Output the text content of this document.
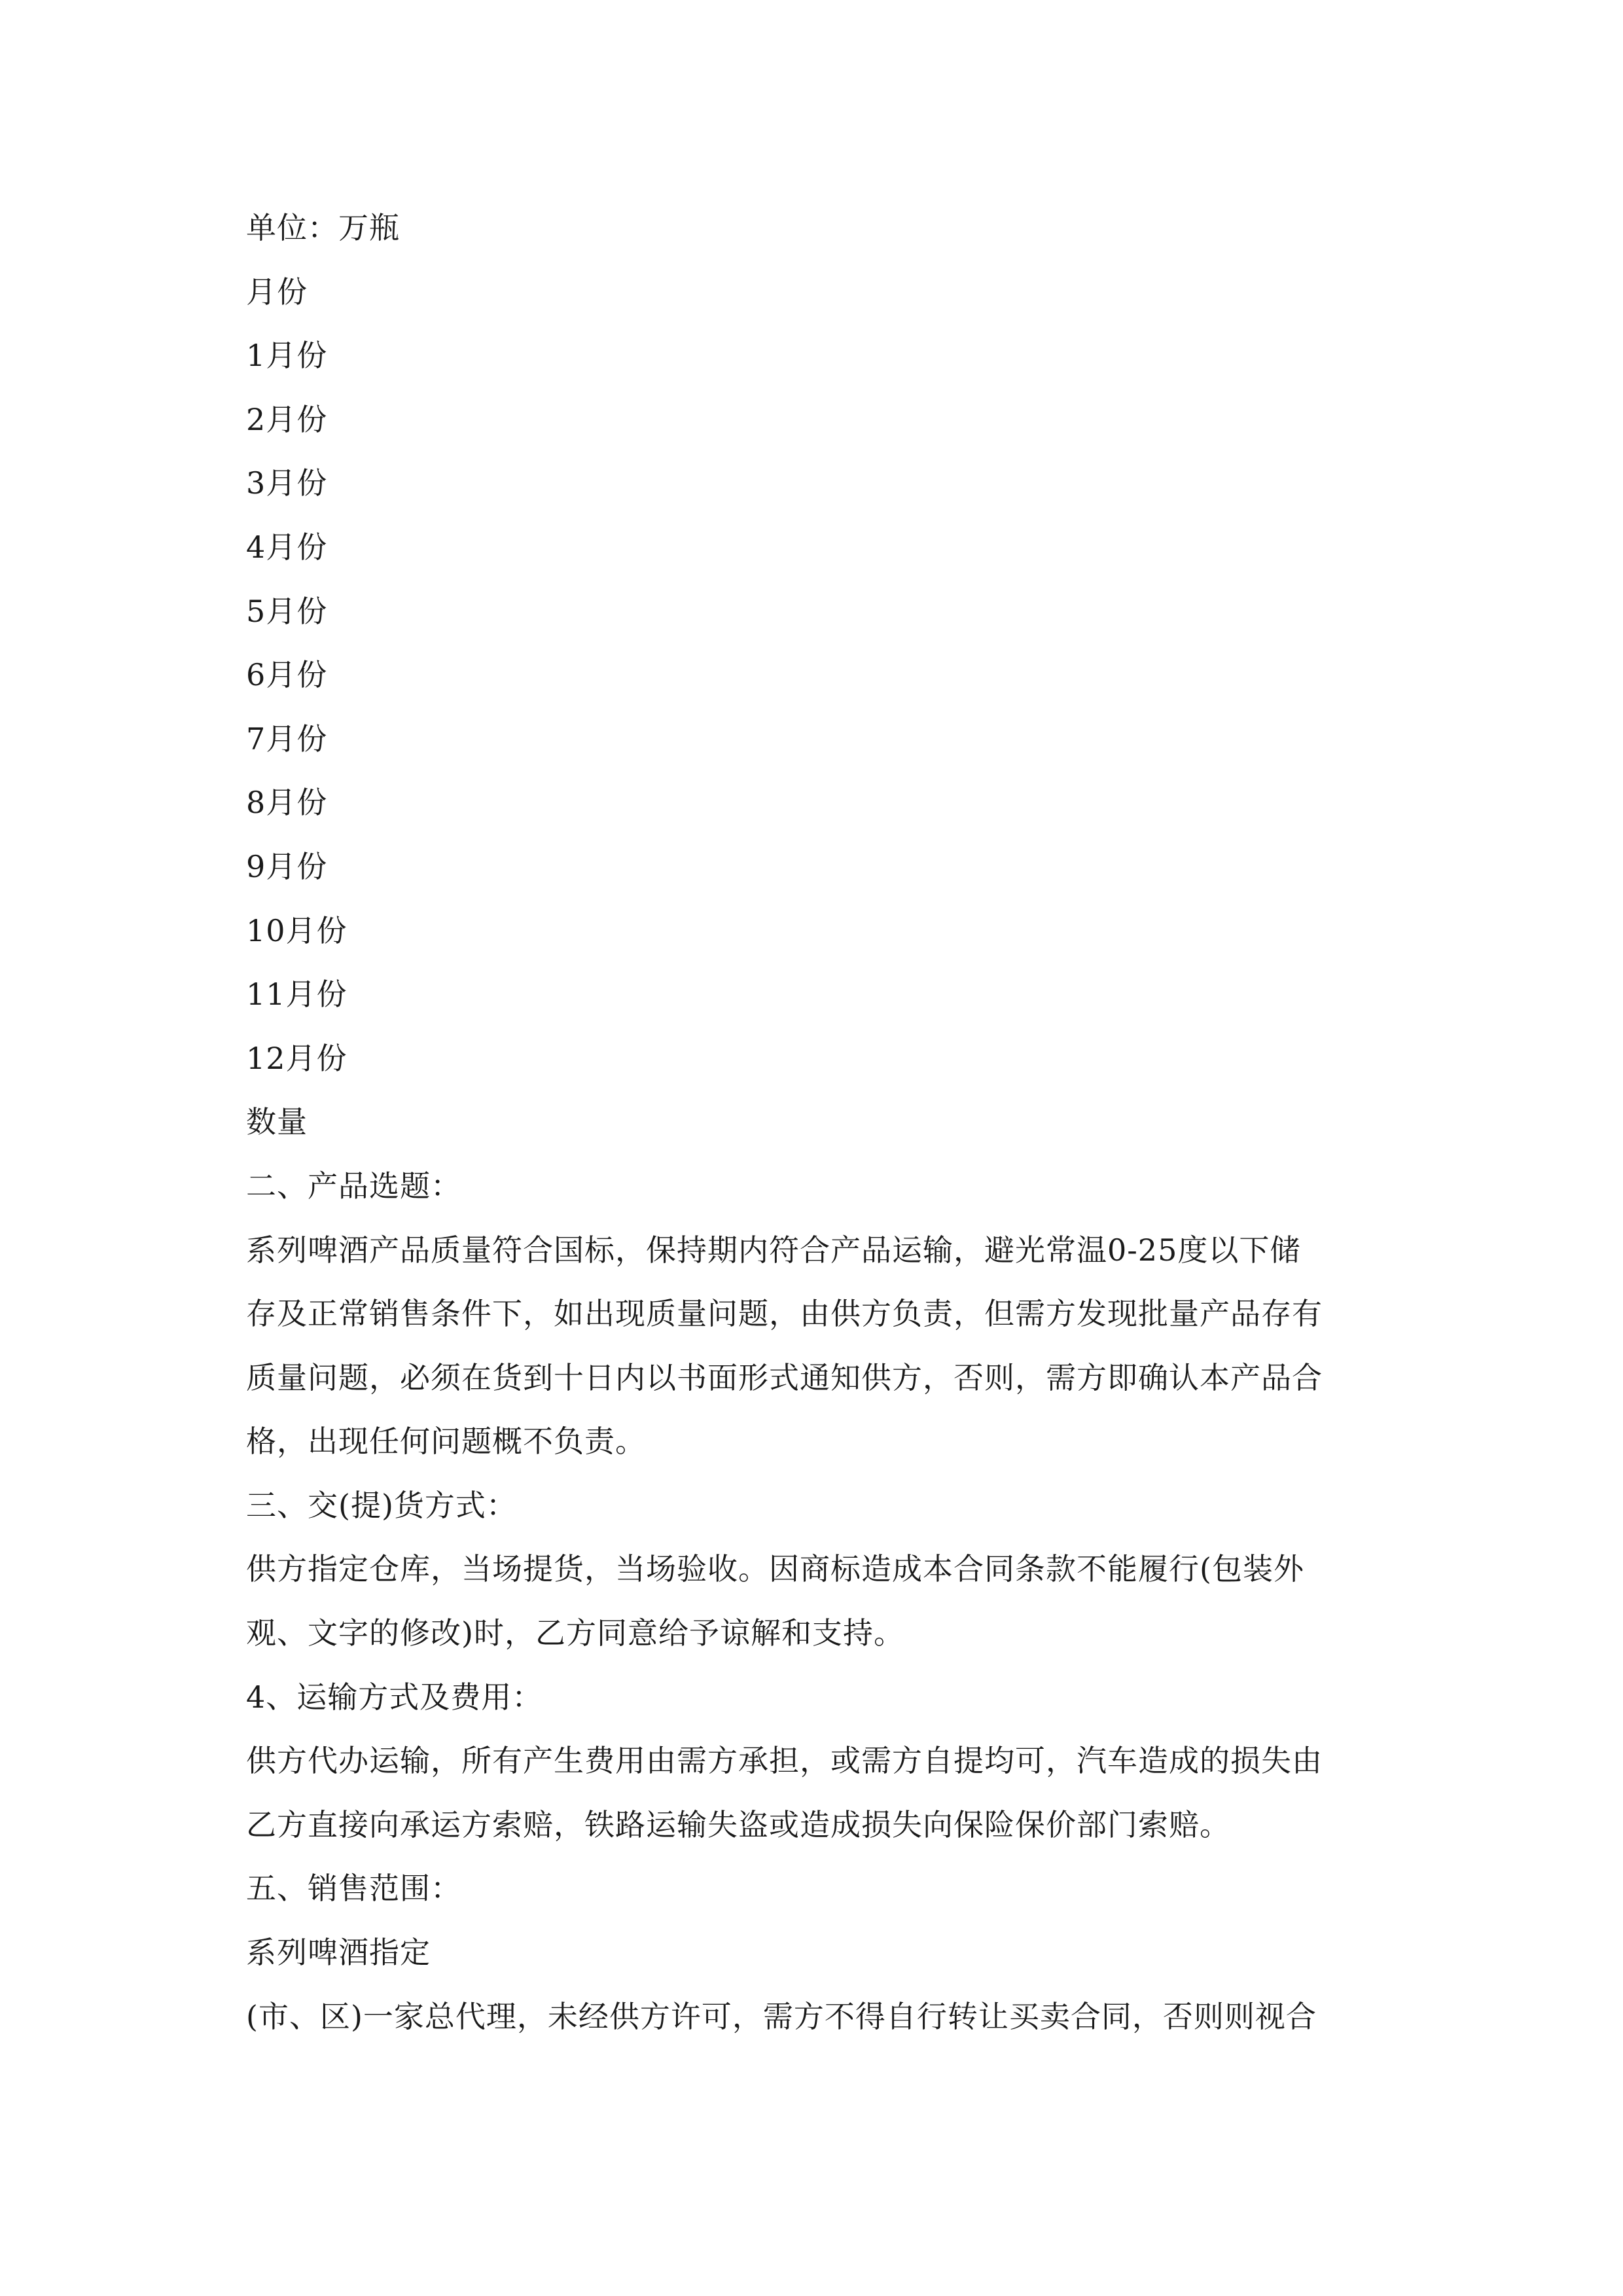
单位：万瓶

月份

1月份

2月份

3月份

4月份

5月份

6月份

7月份

8月份

9月份

10月份

11月份

12月份

数量

二、产品选题：

系列啤酒产品质量符合国标，保持期内符合产品运输，避光常温0-25度以下储
存及正常销售条件下，如出现质量问题，由供方负责，但需方发现批量产品存有
质量问题，必须在货到十日内以书面形式通知供方，否则，需方即确认本产品合
格，出现任何问题概不负责。

三、交(提)货方式：

供方指定仓库，当场提货，当场验收。因商标造成本合同条款不能履行(包装外
观、文字的修改)时，乙方同意给予谅解和支持。

4、运输方式及费用：

供方代办运输，所有产生费用由需方承担，或需方自提均可，汽车造成的损失由
乙方直接向承运方索赔，铁路运输失盗或造成损失向保险保价部门索赔。

五、销售范围：

系列啤酒指定
(市、区)一家总代理，未经供方许可，需方不得自行转让买卖合同，否则则视合
